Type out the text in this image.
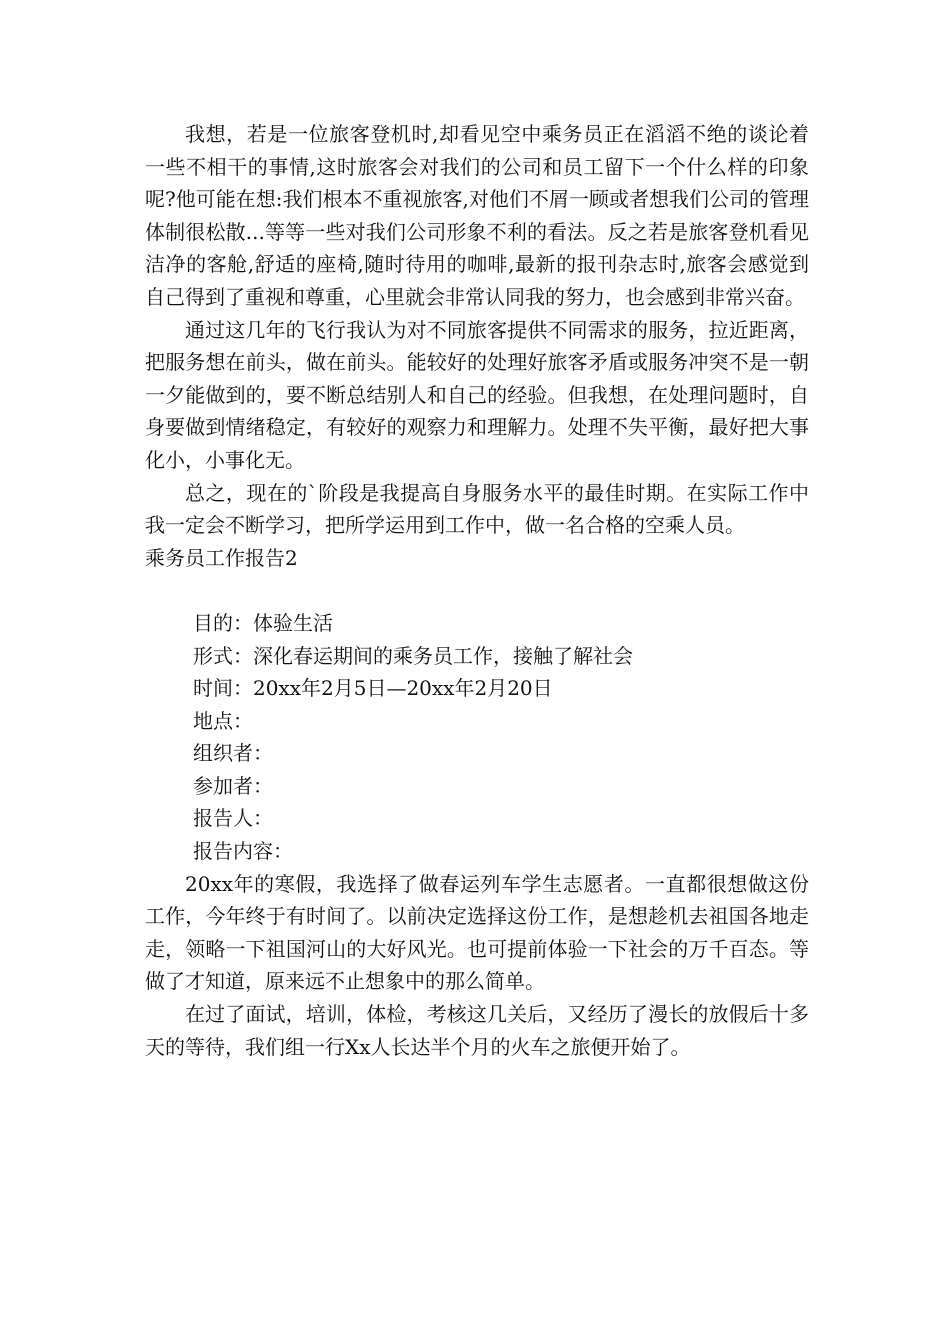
我想，若是一位旅客登机时,却看见空中乘务员正在滔滔不绝的谈论着一些不相干的事情,这时旅客会对我们的公司和员工留下一个什么样的印象呢?他可能在想:我们根本不重视旅客,对他们不屑一顾或者想我们公司的管理体制很松散...等等一些对我们公司形象不利的看法。反之若是旅客登机看见洁净的客舱,舒适的座椅,随时待用的咖啡,最新的报刊杂志时,旅客会感觉到自己得到了重视和尊重，心里就会非常认同我的努力，也会感到非常兴奋。

通过这几年的飞行我认为对不同旅客提供不同需求的服务，拉近距离，把服务想在前头，做在前头。能较好的处理好旅客矛盾或服务冲突不是一朝一夕能做到的，要不断总结别人和自己的经验。但我想，在处理问题时，自身要做到情绪稳定，有较好的观察力和理解力。处理不失平衡，最好把大事化小，小事化无。

总之，现在的`阶段是我提高自身服务水平的最佳时期。在实际工作中我一定会不断学习，把所学运用到工作中，做一名合格的空乘人员。

乘务员工作报告2

目的：体验生活

形式：深化春运期间的乘务员工作，接触了解社会

时间：20xx年2月5日—20xx年2月20日

地点：

组织者：

参加者：

报告人：

报告内容：

20xx年的寒假，我选择了做春运列车学生志愿者。一直都很想做这份工作，今年终于有时间了。以前决定选择这份工作，是想趁机去祖国各地走走，领略一下祖国河山的大好风光。也可提前体验一下社会的万千百态。等做了才知道，原来远不止想象中的那么简单。

在过了面试，培训，体检，考核这几关后，又经历了漫长的放假后十多天的等待，我们组一行Xx人长达半个月的火车之旅便开始了。
